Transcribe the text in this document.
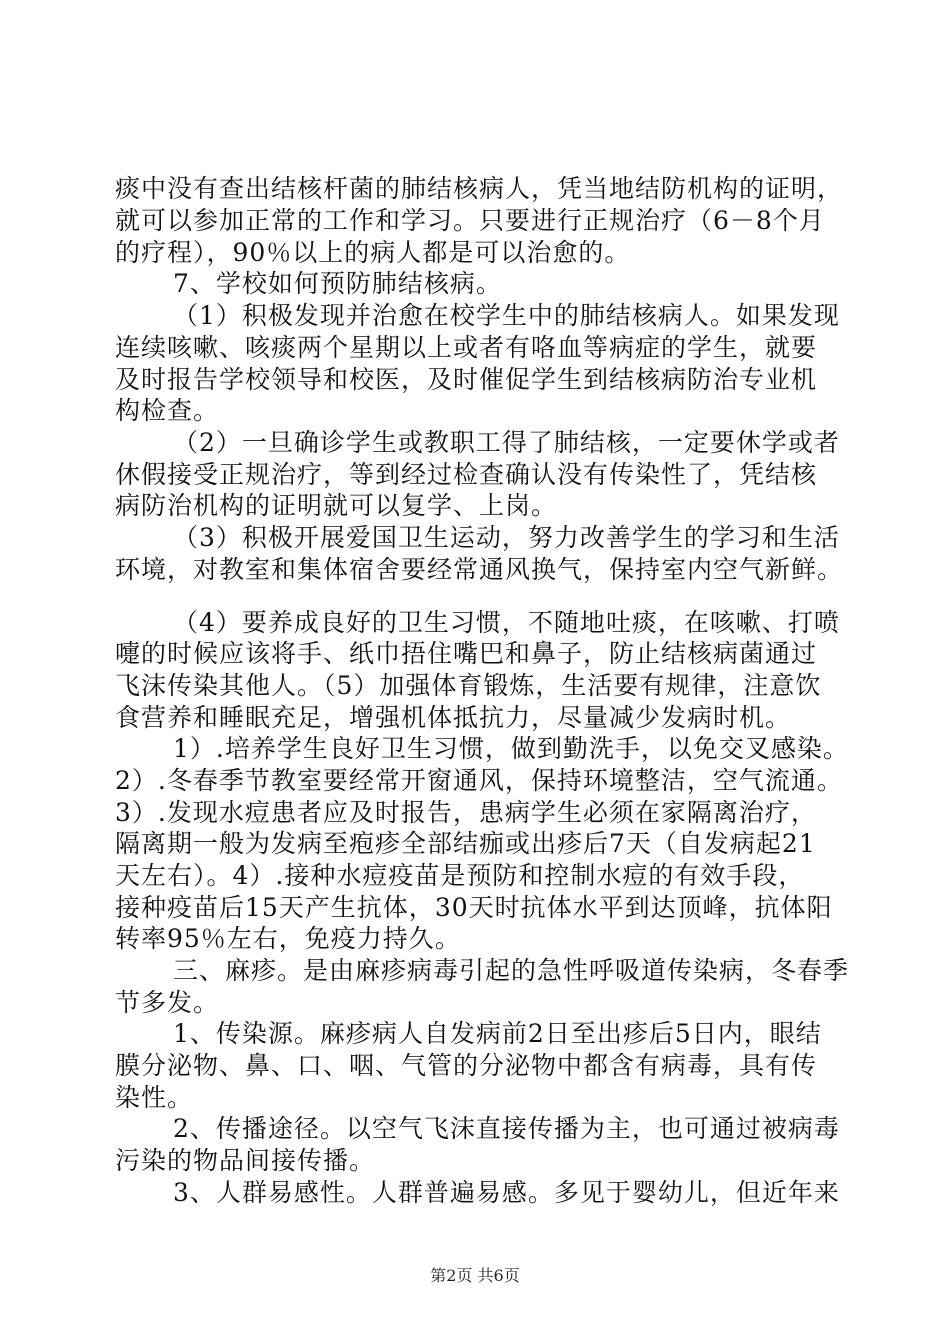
痰中没有查出结核杆菌的肺结核病人，凭当地结防机构的证明，
就可以参加正常的工作和学习。只要进行正规治疗（6－8个月
的疗程），90％以上的病人都是可以治愈的。
7、学校如何预防肺结核病。
（1）积极发现并治愈在校学生中的肺结核病人。如果发现
连续咳嗽、咳痰两个星期以上或者有咯血等病症的学生，就要
及时报告学校领导和校医，及时催促学生到结核病防治专业机
构检查。
（2）一旦确诊学生或教职工得了肺结核，一定要休学或者
休假接受正规治疗，等到经过检查确认没有传染性了，凭结核
病防治机构的证明就可以复学、上岗。
（3）积极开展爱国卫生运动，努力改善学生的学习和生活
环境，对教室和集体宿舍要经常通风换气，保持室内空气新鲜。
（4）要养成良好的卫生习惯，不随地吐痰，在咳嗽、打喷
嚏的时候应该将手、纸巾捂住嘴巴和鼻子，防止结核病菌通过
飞沫传染其他人。（5）加强体育锻炼，生活要有规律，注意饮
食营养和睡眠充足，增强机体抵抗力，尽量减少发病时机。
1）.培养学生良好卫生习惯，做到勤洗手，以免交叉感染。
2）.冬春季节教室要经常开窗通风，保持环境整洁，空气流通。
3）.发现水痘患者应及时报告，患病学生必须在家隔离治疗，
隔离期一般为发病至疱疹全部结痂或出疹后7天（自发病起21
天左右）。4）.接种水痘疫苗是预防和控制水痘的有效手段，
接种疫苗后15天产生抗体，30天时抗体水平到达顶峰，抗体阳
转率95％左右，免疫力持久。
三、麻疹。是由麻疹病毒引起的急性呼吸道传染病，冬春季
节多发。
1、传染源。麻疹病人自发病前2日至出疹后5日内，眼结
膜分泌物、鼻、口、咽、气管的分泌物中都含有病毒，具有传
染性。
2、传播途径。以空气飞沫直接传播为主，也可通过被病毒
污染的物品间接传播。
3、人群易感性。人群普遍易感。多见于婴幼儿，但近年来
第2页 共6页
